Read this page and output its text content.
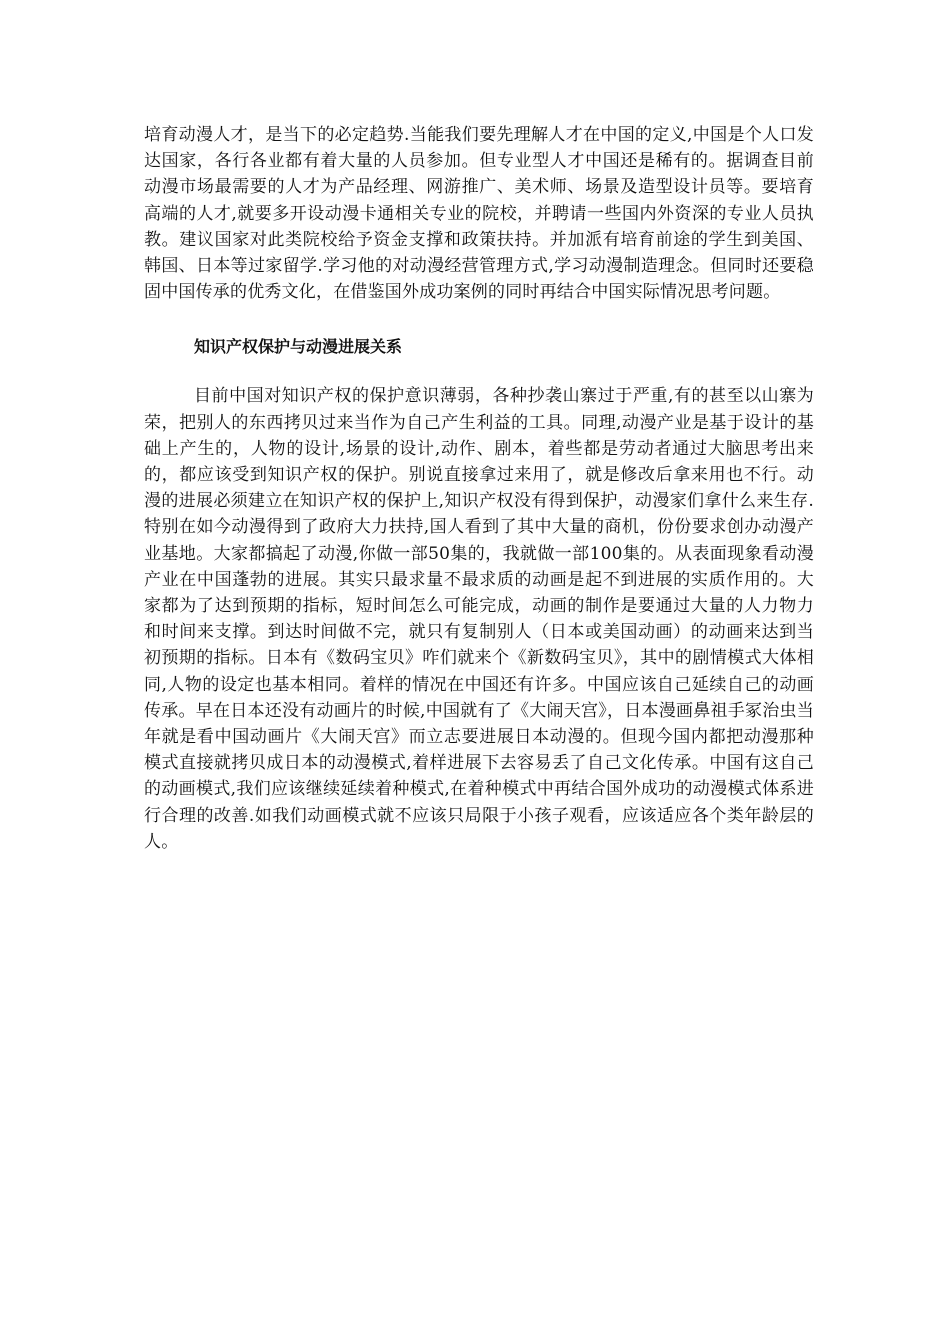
培育动漫人才，是当下的必定趋势.当能我们要先理解人才在中国的定义,中国是个人口发达国家，各行各业都有着大量的人员参加。但专业型人才中国还是稀有的。据调查目前动漫市场最需要的人才为产品经理、网游推广、美术师、场景及造型设计员等。要培育高端的人才,就要多开设动漫卡通相关专业的院校，并聘请一些国内外资深的专业人员执教。建议国家对此类院校给予资金支撑和政策扶持。并加派有培育前途的学生到美国、韩国、日本等过家留学.学习他的对动漫经营管理方式,学习动漫制造理念。但同时还要稳固中国传承的优秀文化，在借鉴国外成功案例的同时再结合中国实际情况思考问题。

知识产权保护与动漫进展关系

目前中国对知识产权的保护意识薄弱，各种抄袭山寨过于严重,有的甚至以山寨为荣，把别人的东西拷贝过来当作为自己产生利益的工具。同理,动漫产业是基于设计的基础上产生的，人物的设计,场景的设计,动作、剧本，着些都是劳动者通过大脑思考出来的，都应该受到知识产权的保护。别说直接拿过来用了，就是修改后拿来用也不行。动漫的进展必须建立在知识产权的保护上,知识产权没有得到保护，动漫家们拿什么来生存.特别在如今动漫得到了政府大力扶持,国人看到了其中大量的商机，份份要求创办动漫产业基地。大家都搞起了动漫,你做一部50集的，我就做一部100集的。从表面现象看动漫产业在中国蓬勃的进展。其实只最求量不最求质的动画是起不到进展的实质作用的。大家都为了达到预期的指标，短时间怎么可能完成，动画的制作是要通过大量的人力物力和时间来支撑。到达时间做不完，就只有复制别人（日本或美国动画）的动画来达到当初预期的指标。日本有《数码宝贝》咋们就来个《新数码宝贝》，其中的剧情模式大体相同,人物的设定也基本相同。着样的情况在中国还有许多。中国应该自己延续自己的动画传承。早在日本还没有动画片的时候,中国就有了《大闹天宫》，日本漫画鼻祖手冢治虫当年就是看中国动画片《大闹天宫》而立志要进展日本动漫的。但现今国内都把动漫那种模式直接就拷贝成日本的动漫模式,着样进展下去容易丢了自己文化传承。中国有这自己的动画模式,我们应该继续延续着种模式,在着种模式中再结合国外成功的动漫模式体系进行合理的改善.如我们动画模式就不应该只局限于小孩子观看，应该适应各个类年龄层的人。
